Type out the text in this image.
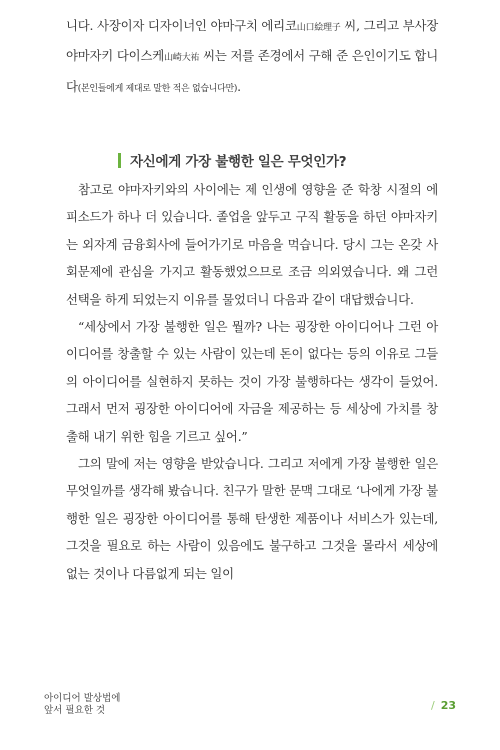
니다. 사장이자 디자이너인 야마구치 에리코山口絵理子 씨, 그리고 부사장 야마자키 다이스케山崎大祐 씨는 저를 존경에서 구해 준 은인이기도 합니다(본인들에게 제대로 말한 적은 없습니다만).

자신에게 가장 불행한 일은 무엇인가?

참고로 야마자키와의 사이에는 제 인생에 영향을 준 학창 시절의 에피소드가 하나 더 있습니다. 졸업을 앞두고 구직 활동을 하던 야마자키는 외자계 금융회사에 들어가기로 마음을 먹습니다. 당시 그는 온갖 사회문제에 관심을 가지고 활동했었으므로 조금 의외였습니다. 왜 그런 선택을 하게 되었는지 이유를 물었더니 다음과 같이 대답했습니다.

“세상에서 가장 불행한 일은 뭘까? 나는 굉장한 아이디어나 그런 아이디어를 창출할 수 있는 사람이 있는데 돈이 없다는 등의 이유로 그들의 아이디어를 실현하지 못하는 것이 가장 불행하다는 생각이 들었어. 그래서 먼저 굉장한 아이디어에 자금을 제공하는 등 세상에 가치를 창출해 내기 위한 힘을 기르고 싶어.”

그의 말에 저는 영향을 받았습니다. 그리고 저에게 가장 불행한 일은 무엇일까를 생각해 봤습니다. 친구가 말한 문맥 그대로 ‘나에게 가장 불행한 일은 굉장한 아이디어를 통해 탄생한 제품이나 서비스가 있는데, 그것을 필요로 하는 사람이 있음에도 불구하고 그것을 몰라서 세상에 없는 것이나 다름없게 되는 일이

아이디어 발상법에
앞서 필요한 것	/ 23
